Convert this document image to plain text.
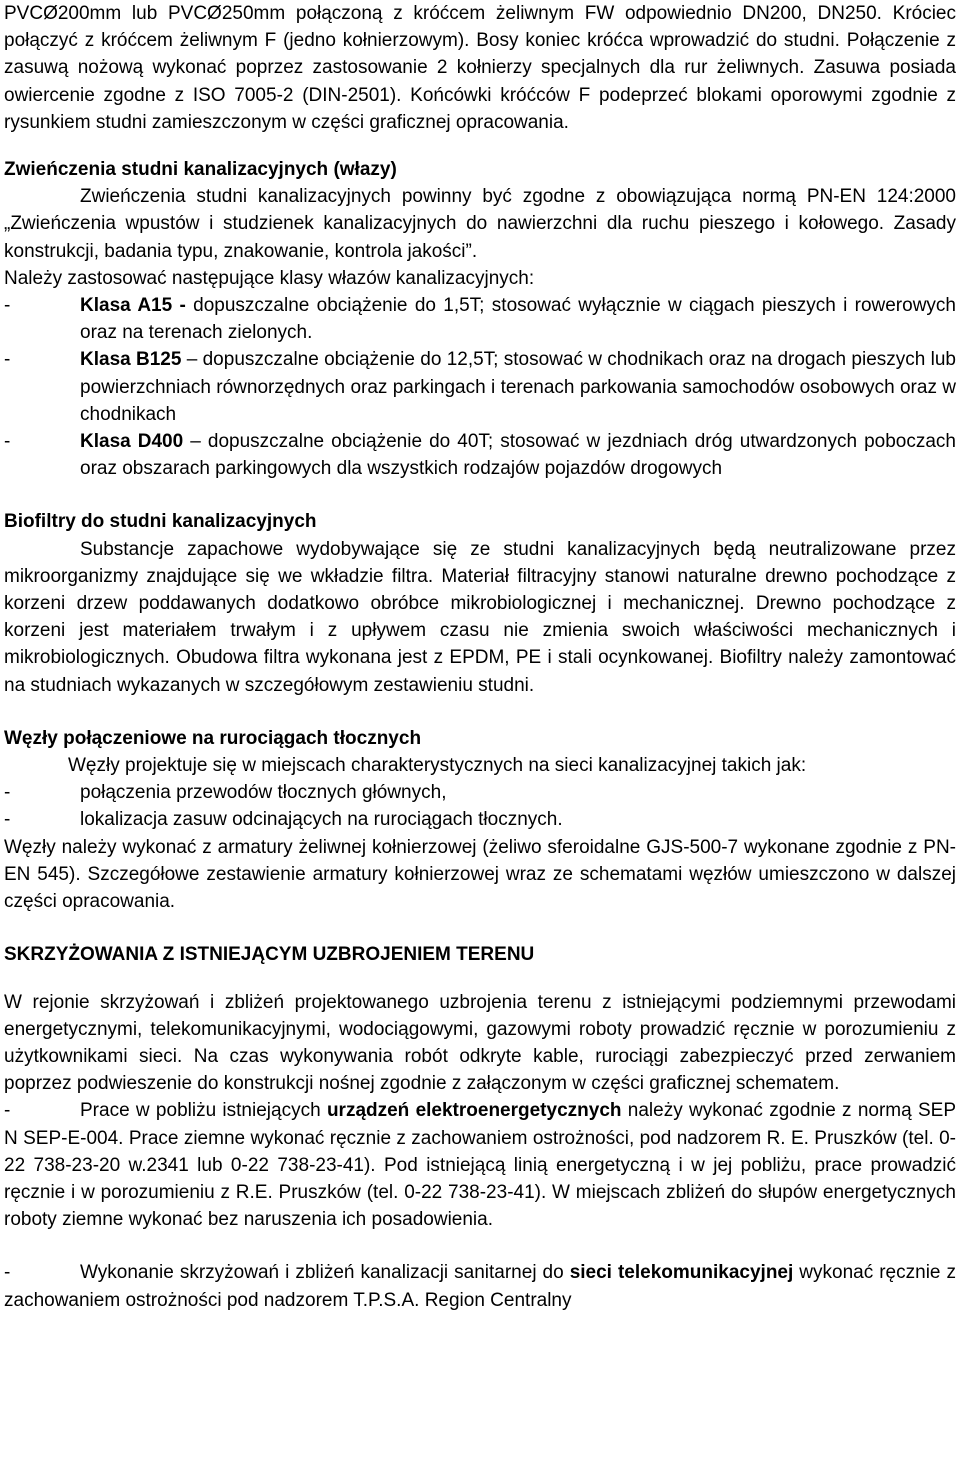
PVCØ200mm lub PVCØ250mm połączoną z króćcem żeliwnym FW odpowiednio DN200, DN250. Króciec połączyć z króćcem żeliwnym F (jedno kołnierzowym). Bosy koniec króćca wprowadzić do studni. Połączenie z zasuwą nożową wykonać poprzez zastosowanie 2 kołnierzy specjalnych dla rur żeliwnych. Zasuwa posiada owiercenie zgodne z ISO 7005-2 (DIN-2501). Końcówki króćców F podeprzeć blokami oporowymi zgodnie z rysunkiem studni zamieszczonym w części graficznej opracowania.

Zwieńczenia studni kanalizacyjnych (włazy)

Zwieńczenia studni kanalizacyjnych powinny być zgodne z obowiązująca normą PN-EN 124:2000 „Zwieńczenia wpustów i studzienek kanalizacyjnych do nawierzchni dla ruchu pieszego i kołowego. Zasady konstrukcji, badania typu, znakowanie, kontrola jakości”.

Należy zastosować następujące klasy włazów kanalizacyjnych:

-	Klasa A15 - dopuszczalne obciążenie do 1,5T; stosować wyłącznie w ciągach pieszych i rowerowych oraz na terenach zielonych.
-	Klasa B125 – dopuszczalne obciążenie do 12,5T; stosować w chodnikach oraz na drogach pieszych lub powierzchniach równorzędnych oraz parkingach i terenach parkowania samochodów osobowych oraz w chodnikach
-	Klasa D400 – dopuszczalne obciążenie do 40T; stosować w jezdniach dróg utwardzonych poboczach oraz obszarach parkingowych dla wszystkich rodzajów pojazdów drogowych

Biofiltry do studni kanalizacyjnych

Substancje zapachowe wydobywające się ze studni kanalizacyjnych będą neutralizowane przez mikroorganizmy znajdujące się we wkładzie filtra. Materiał filtracyjny stanowi naturalne drewno pochodzące z korzeni drzew poddawanych dodatkowo obróbce mikrobiologicznej i mechanicznej. Drewno pochodzące z korzeni jest materiałem trwałym i z upływem czasu nie zmienia swoich właściwości mechanicznych i mikrobiologicznych. Obudowa filtra wykonana jest z EPDM, PE i stali ocynkowanej. Biofiltry należy zamontować na studniach wykazanych w szczegółowym zestawieniu studni.

Węzły połączeniowe na rurociągach tłocznych

Węzły projektuje się w miejscach charakterystycznych na sieci kanalizacyjnej takich jak:

-	połączenia przewodów tłocznych głównych,
-	lokalizacja zasuw odcinających na rurociągach tłocznych.

Węzły należy wykonać z armatury żeliwnej kołnierzowej (żeliwo sferoidalne GJS-500-7 wykonane zgodnie z PN-EN 545). Szczegółowe zestawienie armatury kołnierzowej wraz ze schematami węzłów umieszczono w dalszej części opracowania.

SKRZYŻOWANIA Z ISTNIEJĄCYM UZBROJENIEM TERENU

W rejonie skrzyżowań i zbliżeń projektowanego uzbrojenia terenu z istniejącymi podziemnymi przewodami energetycznymi, telekomunikacyjnymi, wodociągowymi, gazowymi roboty prowadzić ręcznie w porozumieniu z użytkownikami sieci. Na czas wykonywania robót odkryte kable, rurociągi zabezpieczyć przed zerwaniem poprzez podwieszenie do konstrukcji nośnej zgodnie z załączonym w części graficznej schematem.

-	Prace w pobliżu istniejących urządzeń elektroenergetycznych należy wykonać zgodnie z normą SEP N SEP-E-004. Prace ziemne wykonać ręcznie z zachowaniem ostrożności, pod nadzorem R. E. Pruszków (tel. 0-22 738-23-20 w.2341 lub 0-22 738-23-41). Pod istniejącą linią energetyczną i w jej pobliżu, prace prowadzić ręcznie i w porozumieniu z R.E. Pruszków (tel. 0-22 738-23-41). W miejscach zbliżeń do słupów energetycznych roboty ziemne wykonać bez naruszenia ich posadowienia.

-	Wykonanie skrzyżowań i zbliżeń kanalizacji sanitarnej do sieci telekomunikacyjnej wykonać ręcznie z zachowaniem ostrożności pod nadzorem T.P.S.A. Region Centralny
